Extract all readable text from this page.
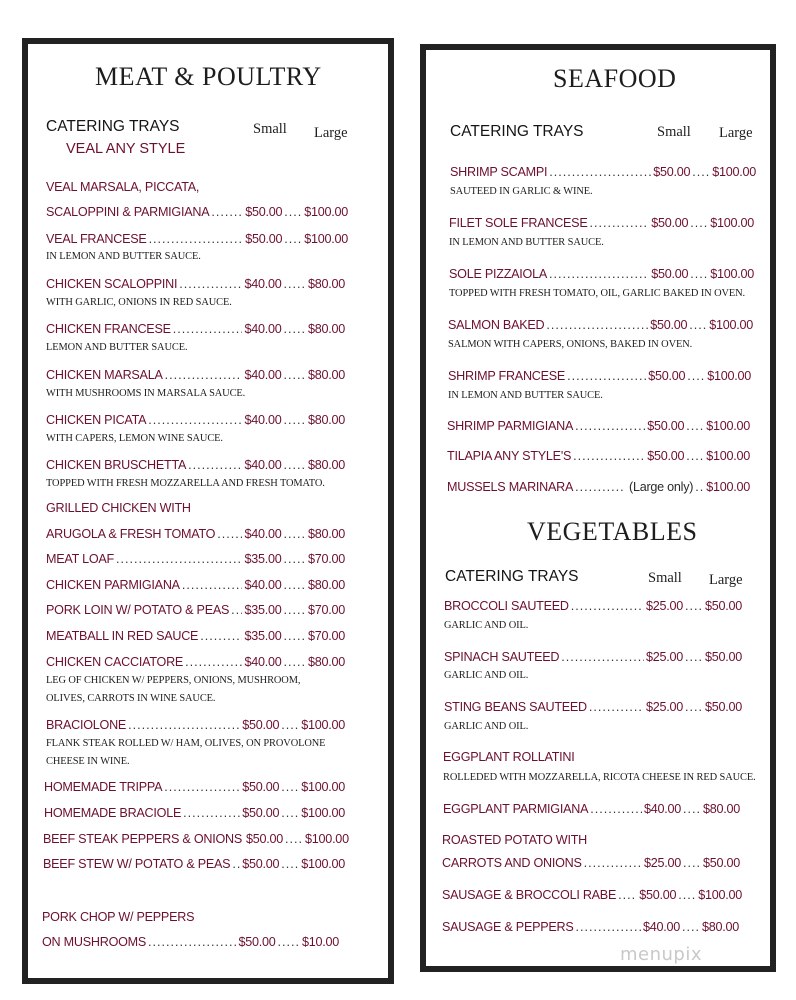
MEAT & POULTRY
CATERING TRAYS	Small Large
VEAL ANY STYLE
VEAL MARSALA, PICCATA,
SCALOPPINI & PARMIGIANA .....	$50.00 .... $100.00
VEAL FRANCESE .....	$50.00 .... $100.00
IN LEMON AND BUTTER SAUCE.
CHICKEN SCALOPPINI .....	$40.00 ..... $80.00
WITH GARLIC, ONIONS IN RED SAUCE.
CHICKEN FRANCESE .....	$40.00 ..... $80.00
LEMON AND BUTTER SAUCE.
CHICKEN MARSALA .....	$40.00 ..... $80.00
WITH MUSHROOMS IN MARSALA SAUCE.
CHICKEN PICATA .....	$40.00 ..... $80.00
WITH CAPERS, LEMON WINE SAUCE.
CHICKEN BRUSCHETTA .....	$40.00 ..... $80.00
TOPPED WITH FRESH MOZZARELLA AND FRESH TOMATO.
GRILLED CHICKEN WITH
ARUGOLA & FRESH TOMATO ..... $40.00 ..... $80.00
MEAT LOAF .....	$35.00 ..... $70.00
CHICKEN PARMIGIANA .....	$40.00 ..... $80.00
PORK LOIN W/ POTATO & PEAS ..... $35.00 ..... $70.00
MEATBALL IN RED SAUCE .....	$35.00 ..... $70.00
CHICKEN CACCIATORE .....	$40.00 ..... $80.00
LEG OF CHICKEN W/ PEPPERS, ONIONS, MUSHROOM,
OLIVES, CARROTS IN WINE SAUCE.
BRACIOLONE .....	$50.00 .... $100.00
FLANK STEAK ROLLED W/ HAM, OLIVES, ON PROVOLONE
CHEESE IN WINE.
HOMEMADE TRIPPA .....	$50.00 .... $100.00
HOMEMADE BRACIOLE .....	$50.00 .... $100.00
BEEF STEAK PEPPERS & ONIONS $50.00 .... $100.00
BEEF STEW W/ POTATO & PEAS ..... $50.00 .... $100.00
PORK CHOP W/ PEPPERS
ON MUSHROOMS .....	$50.00 ..... $10.00
SEAFOOD
CATERING TRAYS	Small Large
SHRIMP SCAMPI .....	$50.00 .... $100.00
SAUTEED IN GARLIC & WINE.
FILET SOLE FRANCESE .....	$50.00 .... $100.00
IN LEMON AND BUTTER SAUCE.
SOLE PIZZAIOLA .....	$50.00 .... $100.00
TOPPED WITH FRESH TOMATO, OIL, GARLIC BAKED IN OVEN.
SALMON BAKED .....	$50.00 .... $100.00
SALMON WITH CAPERS, ONIONS, BAKED IN OVEN.
SHRIMP FRANCESE .....	$50.00 .... $100.00
IN LEMON AND BUTTER SAUCE.
SHRIMP PARMIGIANA .....	$50.00 .... $100.00
TILAPIA ANY STYLE'S .....	$50.00 .... $100.00
MUSSELS MARINARA .....	(Large only) .. $100.00
VEGETABLES
CATERING TRAYS	Small Large
BROCCOLI SAUTEED .....	$25.00 .... $50.00
GARLIC AND OIL.
SPINACH SAUTEED .....	$25.00 .... $50.00
GARLIC AND OIL.
STING BEANS SAUTEED .....	$25.00 .... $50.00
GARLIC AND OIL.
EGGPLANT ROLLATINI
ROLLEDED WITH MOZZARELLA, RICOTA CHEESE IN RED SAUCE.
EGGPLANT PARMIGIANA .....	$40.00 .... $80.00
ROASTED POTATO WITH
CARROTS AND ONIONS .....	$25.00 .... $50.00
SAUSAGE & BROCCOLI RABE ..... $50.00 .... $100.00
SAUSAGE & PEPPERS .....	$40.00 .... $80.00
menupix
